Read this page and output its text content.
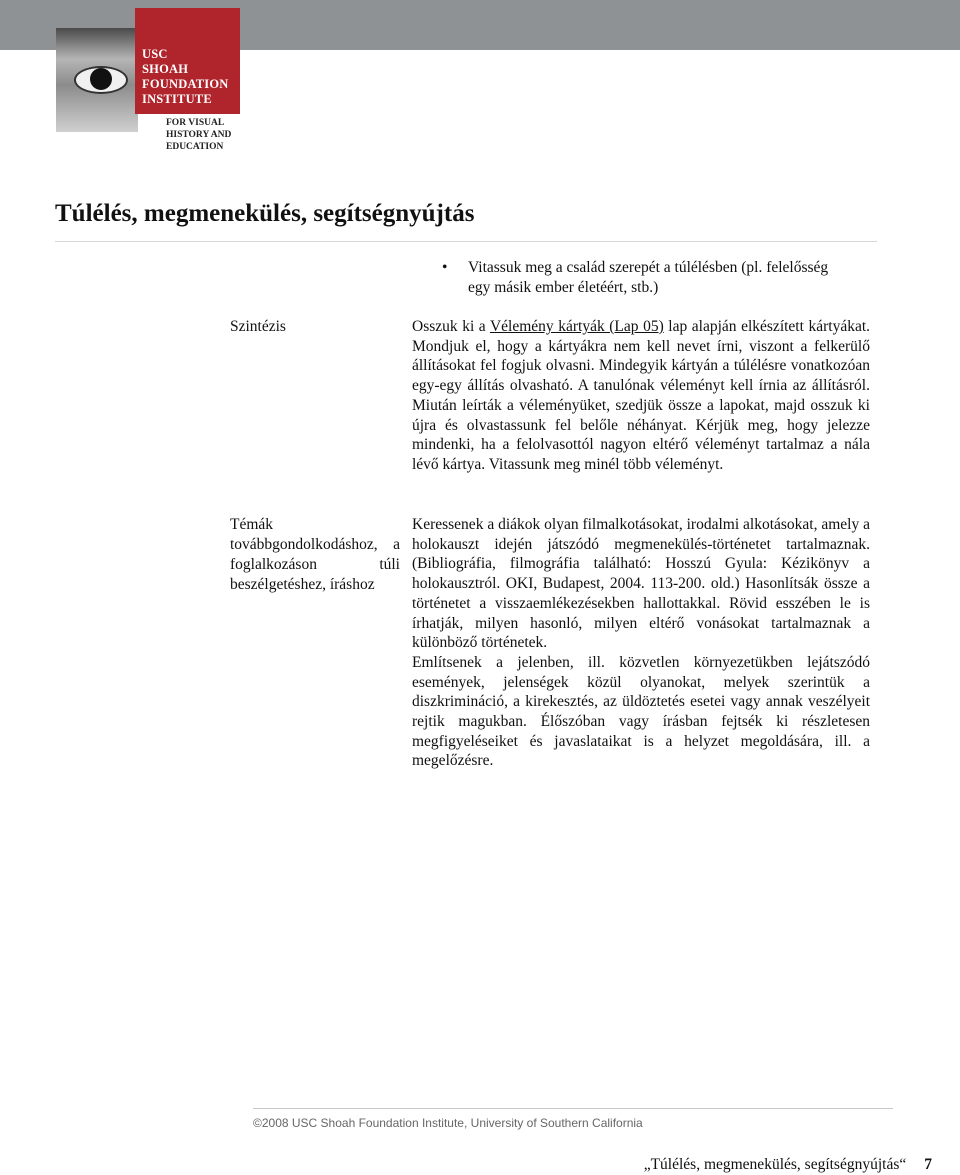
USC
SHOAH
FOUNDATION
INSTITUTE
FOR VISUAL
HISTORY AND
EDUCATION
Túlélés, megmenekülés, segítségnyújtás
• Vitassuk meg a család szerepét a túlélésben (pl. felelősség egy másik ember életéért, stb.)
Szintézis	Osszuk ki a Vélemény kártyák (Lap 05) lap alapján elkészített kártyákat. Mondjuk el, hogy a kártyákra nem kell nevet írni, viszont a felkerülő állításokat fel fogjuk olvasni. Mindegyik kártyán a túlélésre vonatkozóan egy-egy állítás olvasható. A tanulónak véleményt kell írnia az állításról. Miután leírták a véleményüket, szedjük össze a lapokat, majd osszuk ki újra és olvastassunk fel belőle néhányat. Kérjük meg, hogy jelezze mindenki, ha a felolvasottól nagyon eltérő véleményt tartalmaz a nála lévő kártya. Vitassunk meg minél több véleményt.

Témák továbbgondolkodáshoz, a foglalkozáson túli beszélgetéshez, íráshoz

Keressenek a diákok olyan filmalkotásokat, irodalmi alkotásokat, amely a holokauszt idején játszódó megmenekülés-történetet tartalmaznak. (Bibliográfia, filmográfia található: Hosszú Gyula: Kézikönyv a holokausztról. OKI, Budapest, 2004. 113-200. old.) Hasonlítsák össze a történetet a visszaemlékezésekben hallottakkal. Rövid esszében le is írhatják, milyen hasonló, milyen eltérő vonásokat tartalmaznak a különböző történetek.

Említsenek a jelenben, ill. közvetlen környezetükben lejátszódó események, jelenségek közül olyanokat, melyek szerintük a diszkrimináció, a kirekesztés, az üldöztetés esetei vagy annak veszélyeit rejtik magukban. Élőszóban vagy írásban fejtsék ki részletesen megfigyeléseiket és javaslataikat is a helyzet megoldására, ill. a megelőzésre.

©2008 USC Shoah Foundation Institute, University of Southern California
„Túlélés, megmenekülés, segítségnyújtás“ 7
